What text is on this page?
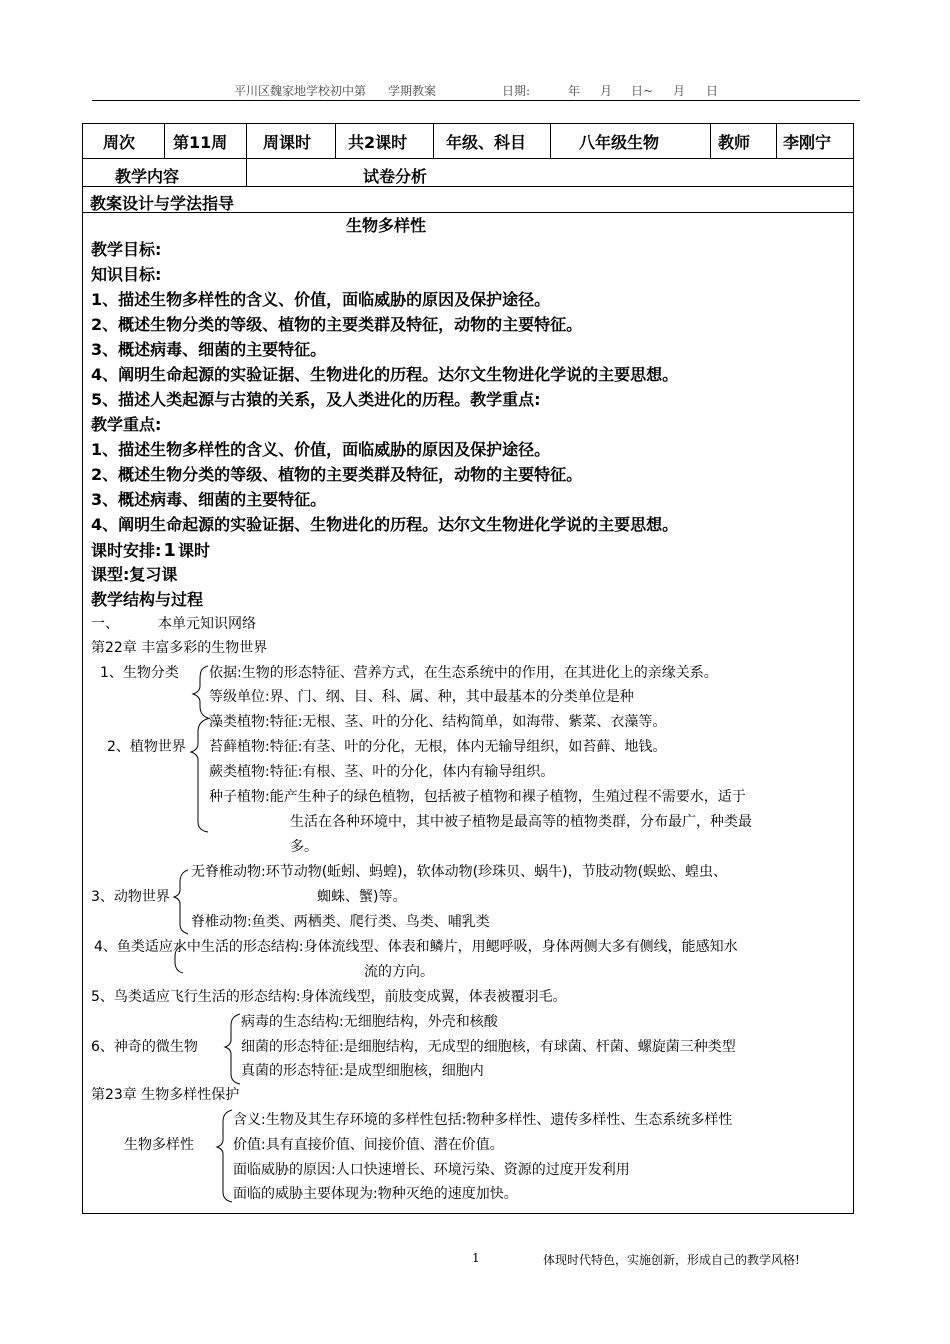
平川区魏家地学校初中第 学期教案	日期:	年 月 日~ 月 日
周次 第11周 周课时 共2课时 年级、科目	八年级生物	教师 李刚宁
教学内容	试卷分析
教案设计与学法指导
生物多样性
教学目标:
知识目标:
1、描述生物多样性的含义、价值，面临威胁的原因及保护途径。
2、概述生物分类的等级、植物的主要类群及特征，动物的主要特征。
3、概述病毒、细菌的主要特征。
4、阐明生命起源的实验证据、生物进化的历程。达尔文生物进化学说的主要思想。
5、描述人类起源与古猿的关系，及人类进化的历程。教学重点:
教学重点:
1、描述生物多样性的含义、价值，面临威胁的原因及保护途径。
2、概述生物分类的等级、植物的主要类群及特征，动物的主要特征。
3、概述病毒、细菌的主要特征。
4、阐明生命起源的实验证据、生物进化的历程。达尔文生物进化学说的主要思想。
课时安排: 1 课时
课型:复习课
教学结构与过程
一、	本单元知识网络
第22章 丰富多彩的生物世界
1、生物分类 依据:生物的形态特征、营养方式，在生态系统中的作用，在其进化上的亲缘关系。
等级单位:界、门、纲、目、科、属、种，其中最基本的分类单位是种
2、植物世界
藻类植物:特征:无根、茎、叶的分化、结构简单，如海带、紫菜、衣藻等。
苔藓植物:特征:有茎、叶的分化，无根，体内无输导组织，如苔藓、地钱。
蕨类植物:特征:有根、茎、叶的分化，体内有输导组织。
种子植物:能产生种子的绿色植物，包括被子植物和裸子植物，生殖过程不需要水，适于
生活在各种环境中，其中被子植物是最高等的植物类群，分布最广，种类最
多。
3、动物世界
无脊椎动物:环节动物(蚯蚓、蚂蝗)，软体动物(珍珠贝、蜗牛)，节肢动物(蜈蚣、蝗虫、
蜘蛛、蟹)等。
脊椎动物:鱼类、两栖类、爬行类、鸟类、哺乳类
4、鱼类适应水中生活的形态结构:身体流线型、体表和鳞片，用鳃呼吸，身体两侧大多有侧线，能感知水
流的方向。
5、鸟类适应飞行生活的形态结构:身体流线型，前肢变成翼，体表被覆羽毛。
6、神奇的微生物
病毒的生态结构:无细胞结构，外壳和核酸
细菌的形态特征:是细胞结构，无成型的细胞核，有球菌、杆菌、螺旋菌三种类型
真菌的形态特征:是成型细胞核，细胞内
第23章 生物多样性保护
生物多样性
含义:生物及其生存环境的多样性包括:物种多样性、遗传多样性、生态系统多样性
价值:具有直接价值、间接价值、潜在价值。
面临威胁的原因:人口快速增长、环境污染、资源的过度开发利用
面临的威胁主要体现为:物种灭绝的速度加快。
1	体现时代特色，实施创新，形成自己的教学风格!
